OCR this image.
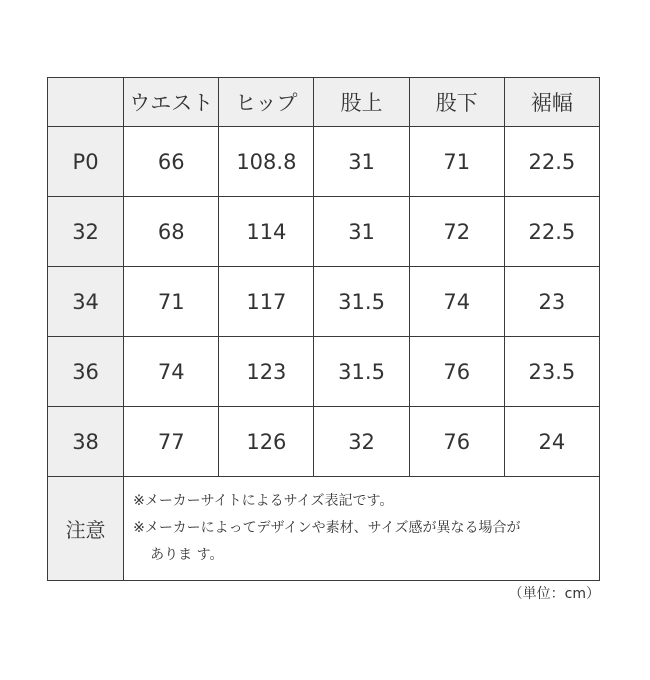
	ウエスト	ヒップ	股上	股下	裾幅
P0	66	108.8	31	71	22.5
32	68	114	31	72	22.5
34	71	117	31.5	74	23
36	74	123	31.5	76	23.5
38	77	126	32	76	24
注意	※メーカーサイトによるサイズ表記です。
※メーカーによってデザインや素材、サイズ感が異なる場合が
ありま す。				
（単位：cm）
